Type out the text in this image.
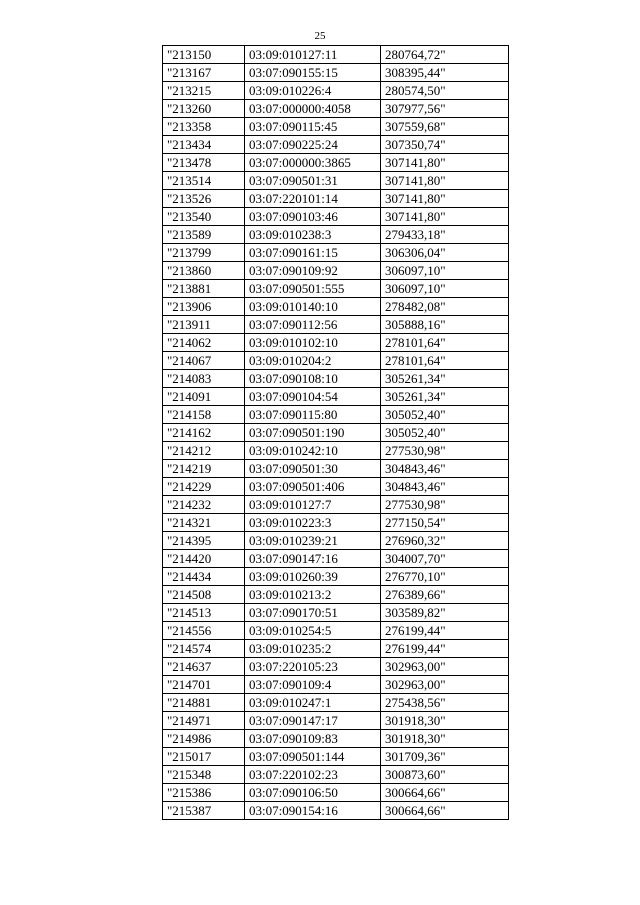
25
"213150	03:09:010127:11	280764,72"
"213167	03:07:090155:15	308395,44"
"213215	03:09:010226:4	280574,50"
"213260	03:07:000000:4058	307977,56"
"213358	03:07:090115:45	307559,68"
"213434	03:07:090225:24	307350,74"
"213478	03:07:000000:3865	307141,80"
"213514	03:07:090501:31	307141,80"
"213526	03:07:220101:14	307141,80"
"213540	03:07:090103:46	307141,80"
"213589	03:09:010238:3	279433,18"
"213799	03:07:090161:15	306306,04"
"213860	03:07:090109:92	306097,10"
"213881	03:07:090501:555	306097,10"
"213906	03:09:010140:10	278482,08"
"213911	03:07:090112:56	305888,16"
"214062	03:09:010102:10	278101,64"
"214067	03:09:010204:2	278101,64"
"214083	03:07:090108:10	305261,34"
"214091	03:07:090104:54	305261,34"
"214158	03:07:090115:80	305052,40"
"214162	03:07:090501:190	305052,40"
"214212	03:09:010242:10	277530,98"
"214219	03:07:090501:30	304843,46"
"214229	03:07:090501:406	304843,46"
"214232	03:09:010127:7	277530,98"
"214321	03:09:010223:3	277150,54"
"214395	03:09:010239:21	276960,32"
"214420	03:07:090147:16	304007,70"
"214434	03:09:010260:39	276770,10"
"214508	03:09:010213:2	276389,66"
"214513	03:07:090170:51	303589,82"
"214556	03:09:010254:5	276199,44"
"214574	03:09:010235:2	276199,44"
"214637	03:07:220105:23	302963,00"
"214701	03:07:090109:4	302963,00"
"214881	03:09:010247:1	275438,56"
"214971	03:07:090147:17	301918,30"
"214986	03:07:090109:83	301918,30"
"215017	03:07:090501:144	301709,36"
"215348	03:07:220102:23	300873,60"
"215386	03:07:090106:50	300664,66"
"215387	03:07:090154:16	300664,66"
